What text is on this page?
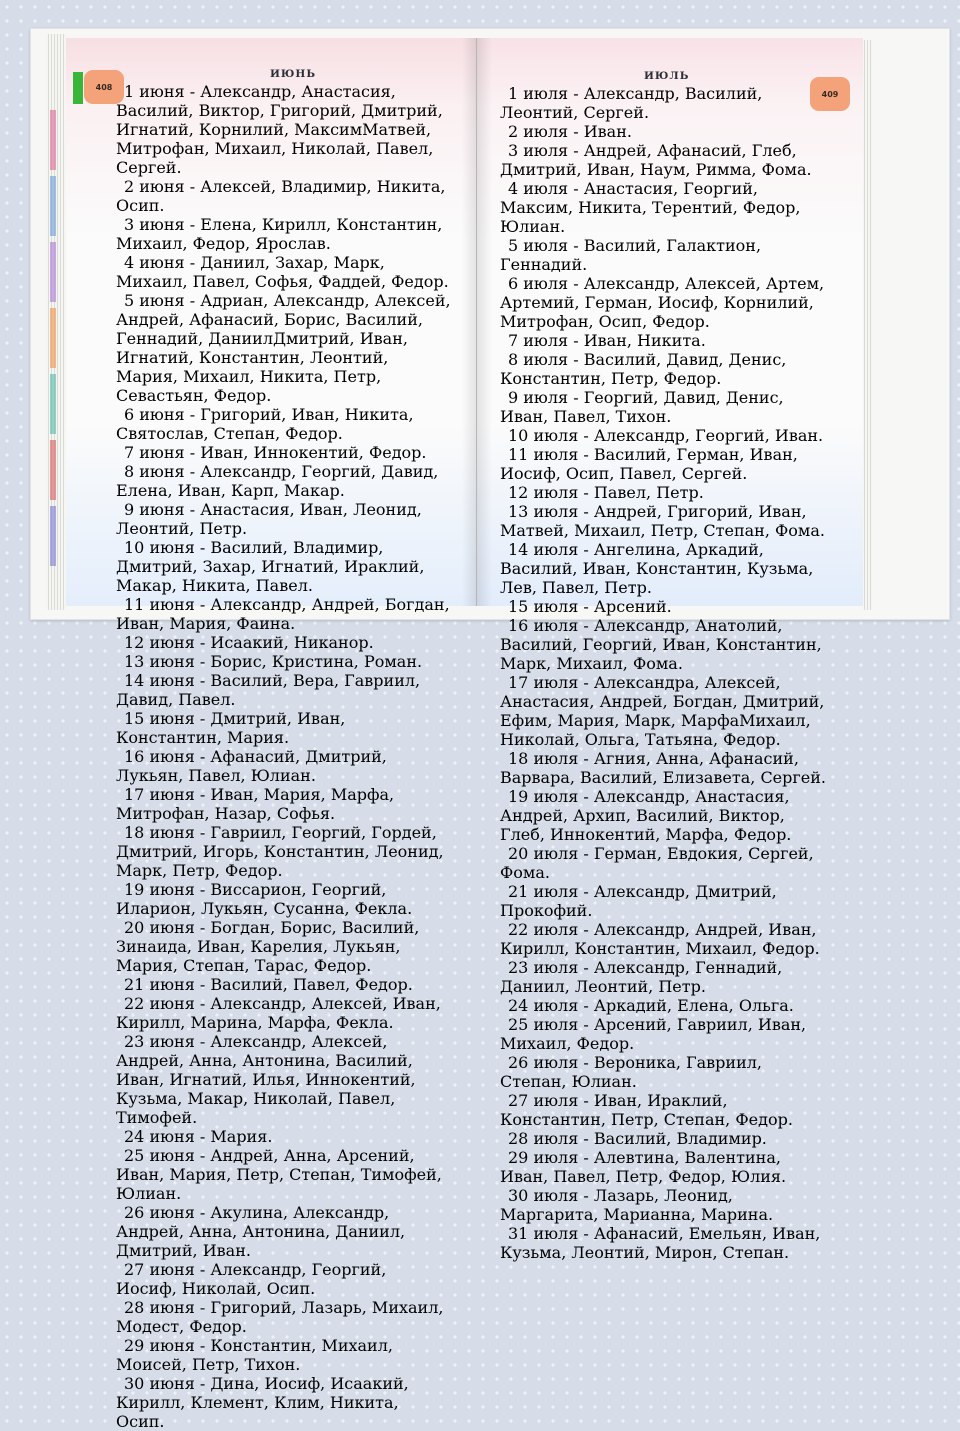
408
409
ИЮНЬ	ИЮЛЬ
1 июня - Александр, Анастасия, Василий, Виктор, Григорий, Дмитрий, Игнатий, Корнилий, МаксимМатвей, Митрофан, Михаил, Николай, Павел, Сергей.
2 июня - Алексей, Владимир, Никита, Осип.
3 июня - Елена, Кирилл, Константин, Михаил, Федор, Ярослав.
4 июня - Даниил, Захар, Марк, Михаил, Павел, Софья, Фаддей, Федор.
5 июня - Адриан, Александр, Алексей, Андрей, Афанасий, Борис, Василий, Геннадий, ДаниилДмитрий, Иван, Игнатий, Константин, Леонтий, Мария, Михаил, Никита, Петр, Севастьян, Федор.
6 июня - Григорий, Иван, Никита, Святослав, Степан, Федор.
7 июня - Иван, Иннокентий, Федор.
8 июня - Александр, Георгий, Давид, Елена, Иван, Карп, Макар.
9 июня - Анастасия, Иван, Леонид, Леонтий, Петр.
10 июня - Василий, Владимир, Дмитрий, Захар, Игнатий, Ираклий, Макар, Никита, Павел.
11 июня - Александр, Андрей, Богдан, Иван, Мария, Фаина.
12 июня - Исаакий, Никанор.
13 июня - Борис, Кристина, Роман.
14 июня - Василий, Вера, Гавриил, Давид, Павел.
15 июня - Дмитрий, Иван, Константин, Мария.
16 июня - Афанасий, Дмитрий, Лукьян, Павел, Юлиан.
17 июня - Иван, Мария, Марфа, Митрофан, Назар, Софья.
18 июня - Гавриил, Георгий, Гордей, Дмитрий, Игорь, Константин, Леонид, Марк, Петр, Федор.
19 июня - Виссарион, Георгий, Иларион, Лукьян, Сусанна, Фекла.
20 июня - Богдан, Борис, Василий, Зинаида, Иван, Карелия, Лукьян, Мария, Степан, Тарас, Федор.
21 июня - Василий, Павел, Федор.
22 июня - Александр, Алексей, Иван, Кирилл, Марина, Марфа, Фекла.
23 июня - Александр, Алексей, Андрей, Анна, Антонина, Василий, Иван, Игнатий, Илья, Иннокентий, Кузьма, Макар, Николай, Павел, Тимофей.
24 июня - Мария.
25 июня - Андрей, Анна, Арсений, Иван, Мария, Петр, Степан, Тимофей, Юлиан.
26 июня - Акулина, Александр, Андрей, Анна, Антонина, Даниил, Дмитрий, Иван.
27 июня - Александр, Георгий, Иосиф, Николай, Осип.
28 июня - Григорий, Лазарь, Михаил, Модест, Федор.
29 июня - Константин, Михаил, Моисей, Петр, Тихон.
30 июня - Дина, Иосиф, Исаакий, Кирилл, Клемент, Клим, Никита, Осип.
1 июля - Александр, Василий, Леонтий, Сергей.
2 июля - Иван.
3 июля - Андрей, Афанасий, Глеб, Дмитрий, Иван, Наум, Римма, Фома.
4 июля - Анастасия, Георгий, Максим, Никита, Терентий, Федор, Юлиан.
5 июля - Василий, Галактион, Геннадий.
6 июля - Александр, Алексей, Артем, Артемий, Герман, Иосиф, Корнилий, Митрофан, Осип, Федор.
7 июля - Иван, Никита.
8 июля - Василий, Давид, Денис, Константин, Петр, Федор.
9 июля - Георгий, Давид, Денис, Иван, Павел, Тихон.
10 июля - Александр, Георгий, Иван.
11 июля - Василий, Герман, Иван, Иосиф, Осип, Павел, Сергей.
12 июля - Павел, Петр.
13 июля - Андрей, Григорий, Иван, Матвей, Михаил, Петр, Степан, Фома.
14 июля - Ангелина, Аркадий, Василий, Иван, Константин, Кузьма, Лев, Павел, Петр.
15 июля - Арсений.
16 июля - Александр, Анатолий, Василий, Георгий, Иван, Константин, Марк, Михаил, Фома.
17 июля - Александра, Алексей, Анастасия, Андрей, Богдан, Дмитрий, Ефим, Мария, Марк, МарфаМихаил, Николай, Ольга, Татьяна, Федор.
18 июля - Агния, Анна, Афанасий, Варвара, Василий, Елизавета, Сергей.
19 июля - Александр, Анастасия, Андрей, Архип, Василий, Виктор, Глеб, Иннокентий, Марфа, Федор.
20 июля - Герман, Евдокия, Сергей, Фома.
21 июля - Александр, Дмитрий, Прокофий.
22 июля - Александр, Андрей, Иван, Кирилл, Константин, Михаил, Федор.
23 июля - Александр, Геннадий, Даниил, Леонтий, Петр.
24 июля - Аркадий, Елена, Ольга.
25 июля - Арсений, Гавриил, Иван, Михаил, Федор.
26 июля - Вероника, Гавриил, Степан, Юлиан.
27 июля - Иван, Ираклий, Константин, Петр, Степан, Федор.
28 июля - Василий, Владимир.
29 июля - Алевтина, Валентина, Иван, Павел, Петр, Федор, Юлия.
30 июля - Лазарь, Леонид, Маргарита, Марианна, Марина.
31 июля - Афанасий, Емельян, Иван, Кузьма, Леонтий, Мирон, Степан.
